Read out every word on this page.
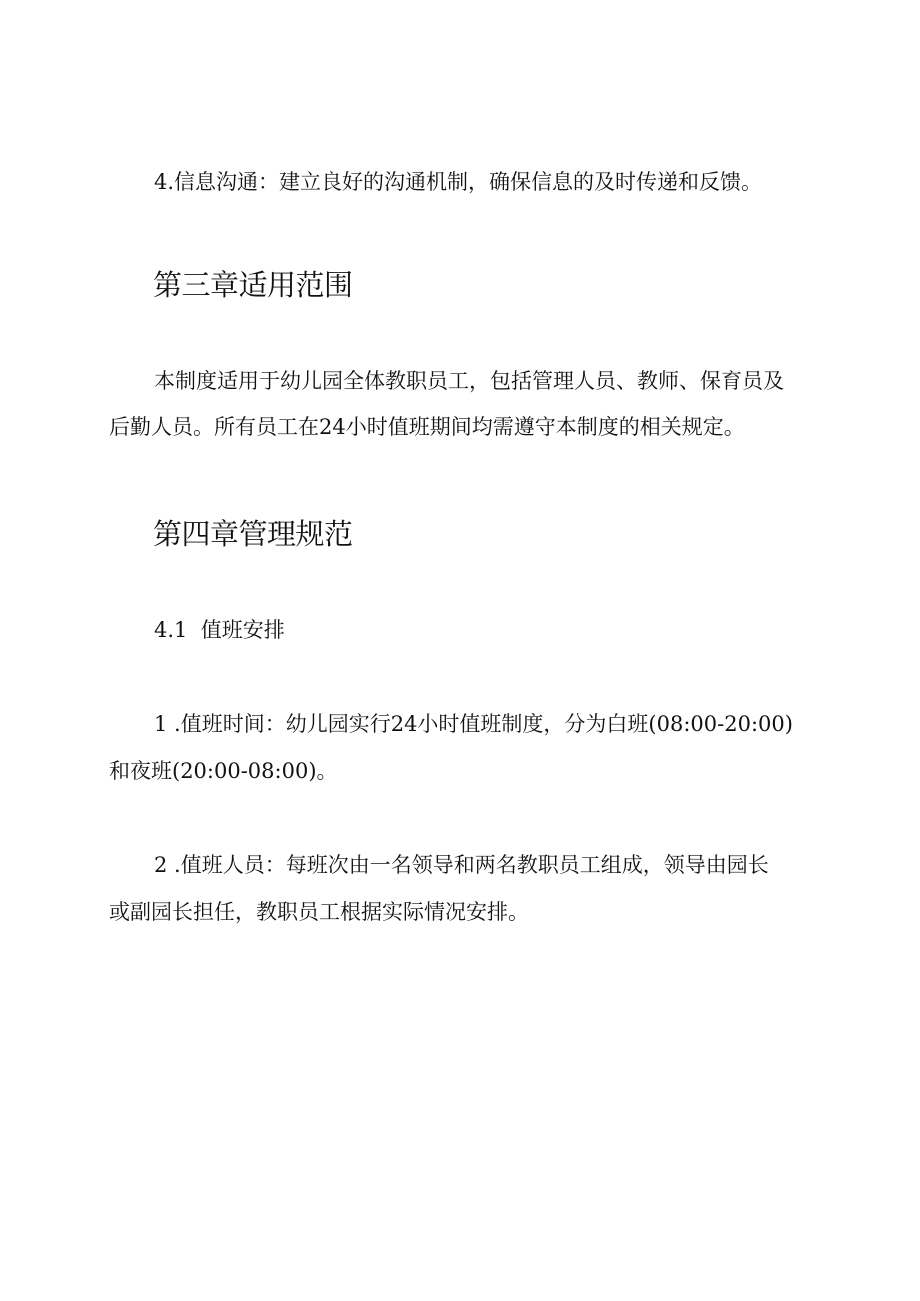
4.信息沟通：建立良好的沟通机制，确保信息的及时传递和反馈。

第三章适用范围

本制度适用于幼儿园全体教职员工，包括管理人员、教师、保育员及

后勤人员。所有员工在24小时值班期间均需遵守本制度的相关规定。

第四章管理规范

4.1  值班安排

1 .值班时间：幼儿园实行24小时值班制度，分为白班(08:00-20:00)

和夜班(20:00-08:00)。

2 .值班人员：每班次由一名领导和两名教职员工组成，领导由园长

或副园长担任，教职员工根据实际情况安排。
